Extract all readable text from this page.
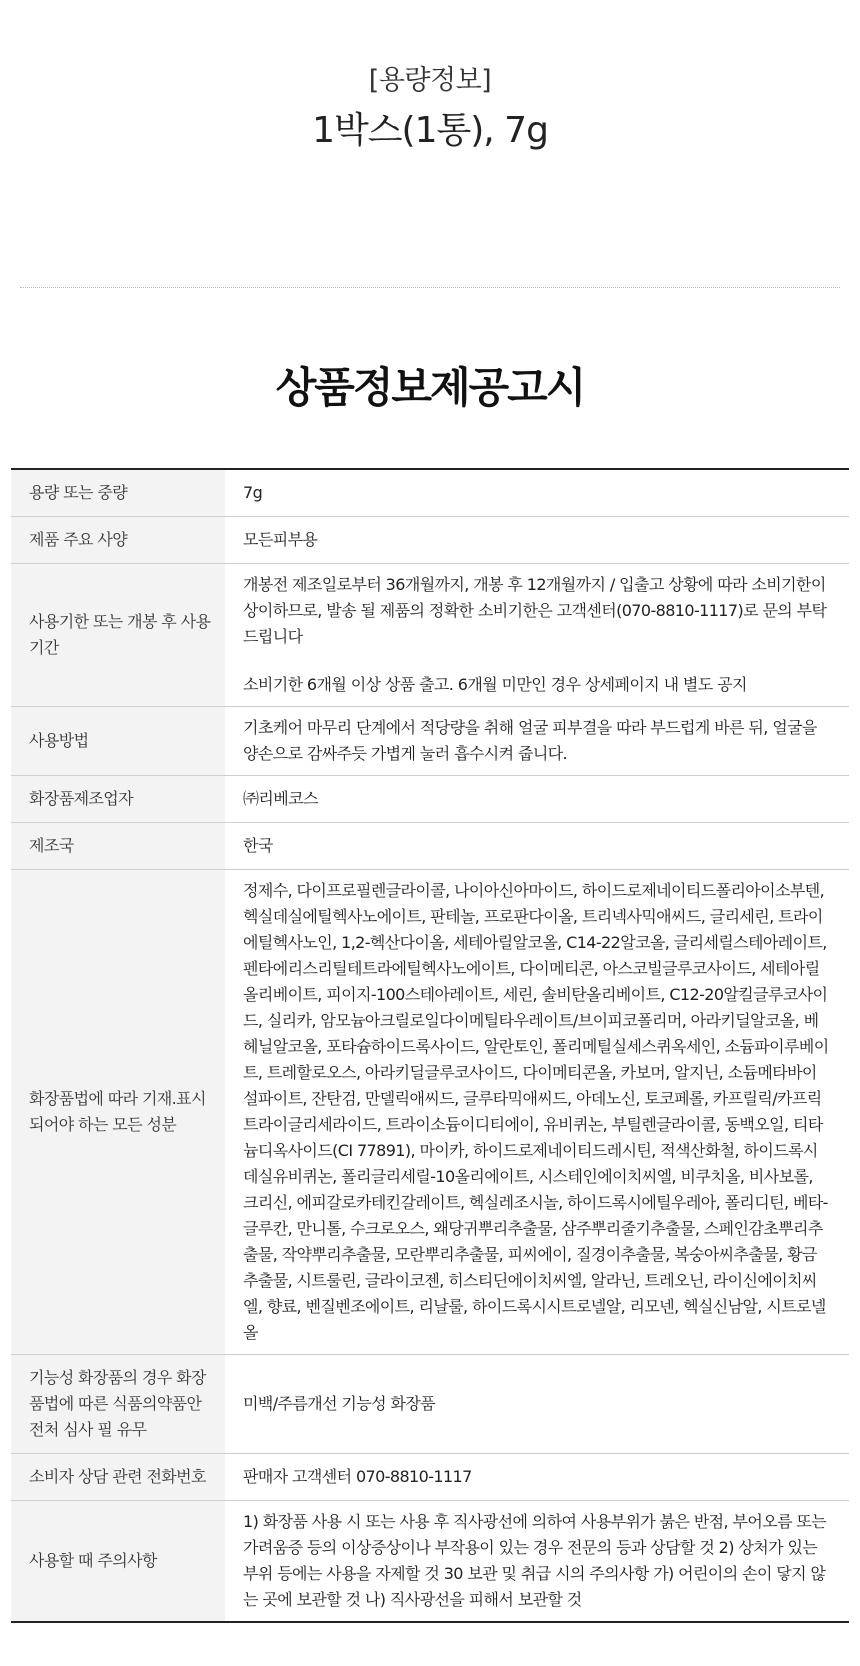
[용량정보]
1박스(1통), 7g
상품정보제공고시
용량 또는 중량	7g

제품 주요 사양	모든피부용

사용기한 또는 개봉 후 사용기간	개봉전 제조일로부터 36개월까지, 개봉 후 12개월까지 / 입출고 상황에 따라 소비기한이 상이하므로, 발송 될 제품의 정확한 소비기한은 고객센터(070-8810-1117)로 문의 부탁드립니다

소비기한 6개월 이상 상품 출고. 6개월 미만인 경우 상세페이지 내 별도 공지

사용방법	기초케어 마무리 단계에서 적당량을 취해 얼굴 피부결을 따라 부드럽게 바른 뒤, 얼굴을 양손으로 감싸주듯 가볍게 눌러 흡수시켜 줍니다.

화장품제조업자	㈜리베코스

제조국	한국

화장품법에 따라 기재.표시되어야 하는 모든 성분	정제수, 다이프로필렌글라이콜, 나이아신아마이드, 하이드로제네이티드폴리아이소부텐, 헥실데실에틸헥사노에이트, 판테놀, 프로판다이올, 트리넥사믹애씨드, 글리세린, 트라이에틸헥사노인, 1,2-헥산다이올, 세테아릴알코올, C14-22알코올, 글리세릴스테아레이트, 펜타에리스리틸테트라에틸헥사노에이트, 다이메티콘, 아스코빌글루코사이드, 세테아릴올리베이트, 피이지-100스테아레이트, 세린, 솔비탄올리베이트, C12-20알킬글루코사이드, 실리카, 암모늄아크릴로일다이메틸타우레이트/브이피코폴리머, 아라키딜알코올, 베헤닐알코올, 포타슘하이드록사이드, 알란토인, 폴리메틸실세스퀴옥세인, 소듐파이루베이트, 트레할로오스, 아라키딜글루코사이드, 다이메티콘올, 카보머, 알지닌, 소듐메타바이설파이트, 잔탄검, 만델릭애씨드, 글루타믹애씨드, 아데노신, 토코페롤, 카프릴릭/카프릭트라이글리세라이드, 트라이소듐이디티에이, 유비퀴논, 부틸렌글라이콜, 동백오일, 티타늄디옥사이드(CI 77891), 마이카, 하이드로제네이티드레시틴, 적색산화철, 하이드록시데실유비퀴논, 폴리글리세릴-10올리에이트, 시스테인에이치씨엘, 비쿠치올, 비사보롤, 크리신, 에피갈로카테킨갈레이트, 헥실레조시놀, 하이드록시에틸우레아, 폴리디틴, 베타-글루칸, 만니톨, 수크로오스, 왜당귀뿌리추출물, 삼주뿌리줄기추출물, 스페인감초뿌리추출물, 작약뿌리추출물, 모란뿌리추출물, 피씨에이, 질경이추출물, 복숭아씨추출물, 황금추출물, 시트룰린, 글라이코젠, 히스티딘에이치씨엘, 알라닌, 트레오닌, 라이신에이치씨엘, 향료, 벤질벤조에이트, 리날룰, 하이드록시시트로넬알, 리모넨, 헥실신남알, 시트로넬올

기능성 화장품의 경우 화장품법에 따른 식품의약품안전처 심사 필 유무	미백/주름개선 기능성 화장품

소비자 상담 관련 전화번호	판매자 고객센터 070-8810-1117

사용할 때 주의사항	1) 화장품 사용 시 또는 사용 후 직사광선에 의하여 사용부위가 붉은 반점, 부어오름 또는 가려움증 등의 이상증상이나 부작용이 있는 경우 전문의 등과 상담할 것 2) 상처가 있는 부위 등에는 사용을 자제할 것 30 보관 및 취급 시의 주의사항 가) 어린이의 손이 닿지 않는 곳에 보관할 것 나) 직사광선을 피해서 보관할 것
